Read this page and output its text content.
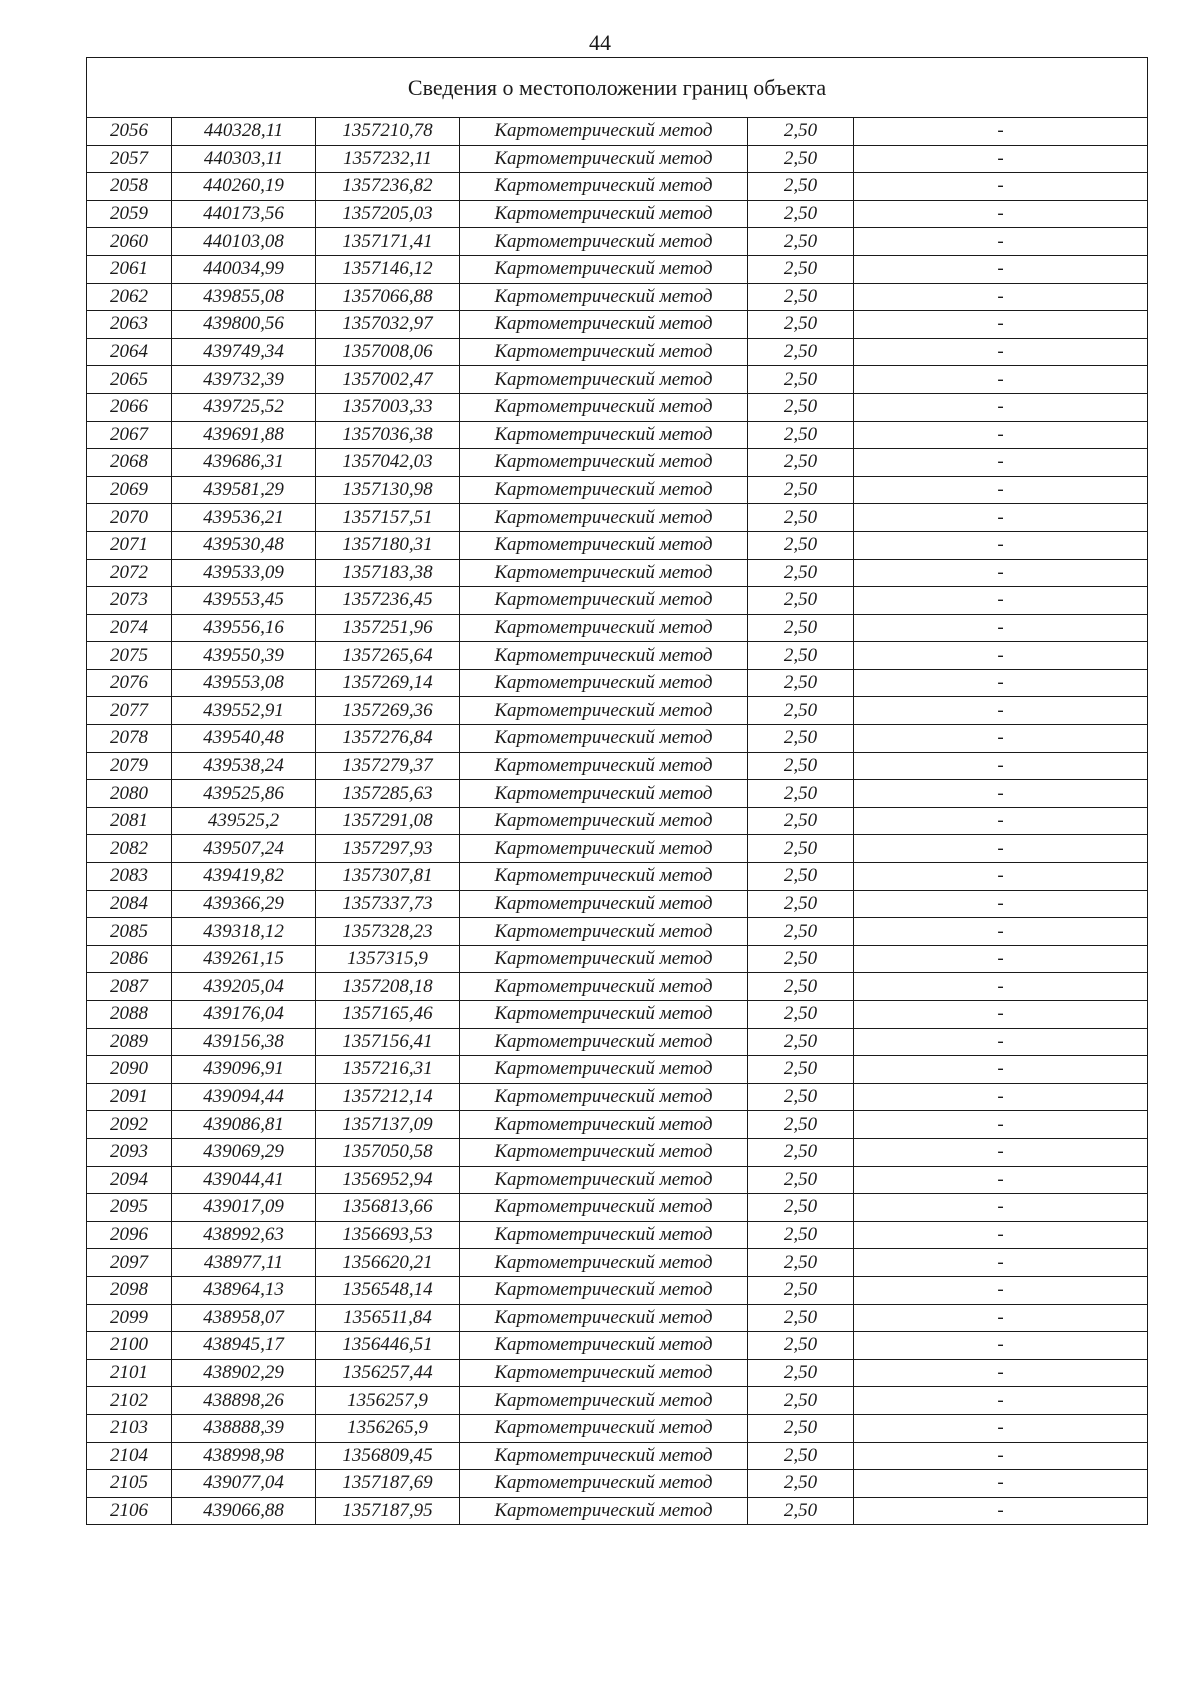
44
Сведения о местоположении границ объекта					
2056	440328,11	1357210,78	Картометрический метод	2,50	-
2057	440303,11	1357232,11	Картометрический метод	2,50	-
2058	440260,19	1357236,82	Картометрический метод	2,50	-
2059	440173,56	1357205,03	Картометрический метод	2,50	-
2060	440103,08	1357171,41	Картометрический метод	2,50	-
2061	440034,99	1357146,12	Картометрический метод	2,50	-
2062	439855,08	1357066,88	Картометрический метод	2,50	-
2063	439800,56	1357032,97	Картометрический метод	2,50	-
2064	439749,34	1357008,06	Картометрический метод	2,50	-
2065	439732,39	1357002,47	Картометрический метод	2,50	-
2066	439725,52	1357003,33	Картометрический метод	2,50	-
2067	439691,88	1357036,38	Картометрический метод	2,50	-
2068	439686,31	1357042,03	Картометрический метод	2,50	-
2069	439581,29	1357130,98	Картометрический метод	2,50	-
2070	439536,21	1357157,51	Картометрический метод	2,50	-
2071	439530,48	1357180,31	Картометрический метод	2,50	-
2072	439533,09	1357183,38	Картометрический метод	2,50	-
2073	439553,45	1357236,45	Картометрический метод	2,50	-
2074	439556,16	1357251,96	Картометрический метод	2,50	-
2075	439550,39	1357265,64	Картометрический метод	2,50	-
2076	439553,08	1357269,14	Картометрический метод	2,50	-
2077	439552,91	1357269,36	Картометрический метод	2,50	-
2078	439540,48	1357276,84	Картометрический метод	2,50	-
2079	439538,24	1357279,37	Картометрический метод	2,50	-
2080	439525,86	1357285,63	Картометрический метод	2,50	-
2081	439525,2	1357291,08	Картометрический метод	2,50	-
2082	439507,24	1357297,93	Картометрический метод	2,50	-
2083	439419,82	1357307,81	Картометрический метод	2,50	-
2084	439366,29	1357337,73	Картометрический метод	2,50	-
2085	439318,12	1357328,23	Картометрический метод	2,50	-
2086	439261,15	1357315,9	Картометрический метод	2,50	-
2087	439205,04	1357208,18	Картометрический метод	2,50	-
2088	439176,04	1357165,46	Картометрический метод	2,50	-
2089	439156,38	1357156,41	Картометрический метод	2,50	-
2090	439096,91	1357216,31	Картометрический метод	2,50	-
2091	439094,44	1357212,14	Картометрический метод	2,50	-
2092	439086,81	1357137,09	Картометрический метод	2,50	-
2093	439069,29	1357050,58	Картометрический метод	2,50	-
2094	439044,41	1356952,94	Картометрический метод	2,50	-
2095	439017,09	1356813,66	Картометрический метод	2,50	-
2096	438992,63	1356693,53	Картометрический метод	2,50	-
2097	438977,11	1356620,21	Картометрический метод	2,50	-
2098	438964,13	1356548,14	Картометрический метод	2,50	-
2099	438958,07	1356511,84	Картометрический метод	2,50	-
2100	438945,17	1356446,51	Картометрический метод	2,50	-
2101	438902,29	1356257,44	Картометрический метод	2,50	-
2102	438898,26	1356257,9	Картометрический метод	2,50	-
2103	438888,39	1356265,9	Картометрический метод	2,50	-
2104	438998,98	1356809,45	Картометрический метод	2,50	-
2105	439077,04	1357187,69	Картометрический метод	2,50	-
2106	439066,88	1357187,95	Картометрический метод	2,50	-
